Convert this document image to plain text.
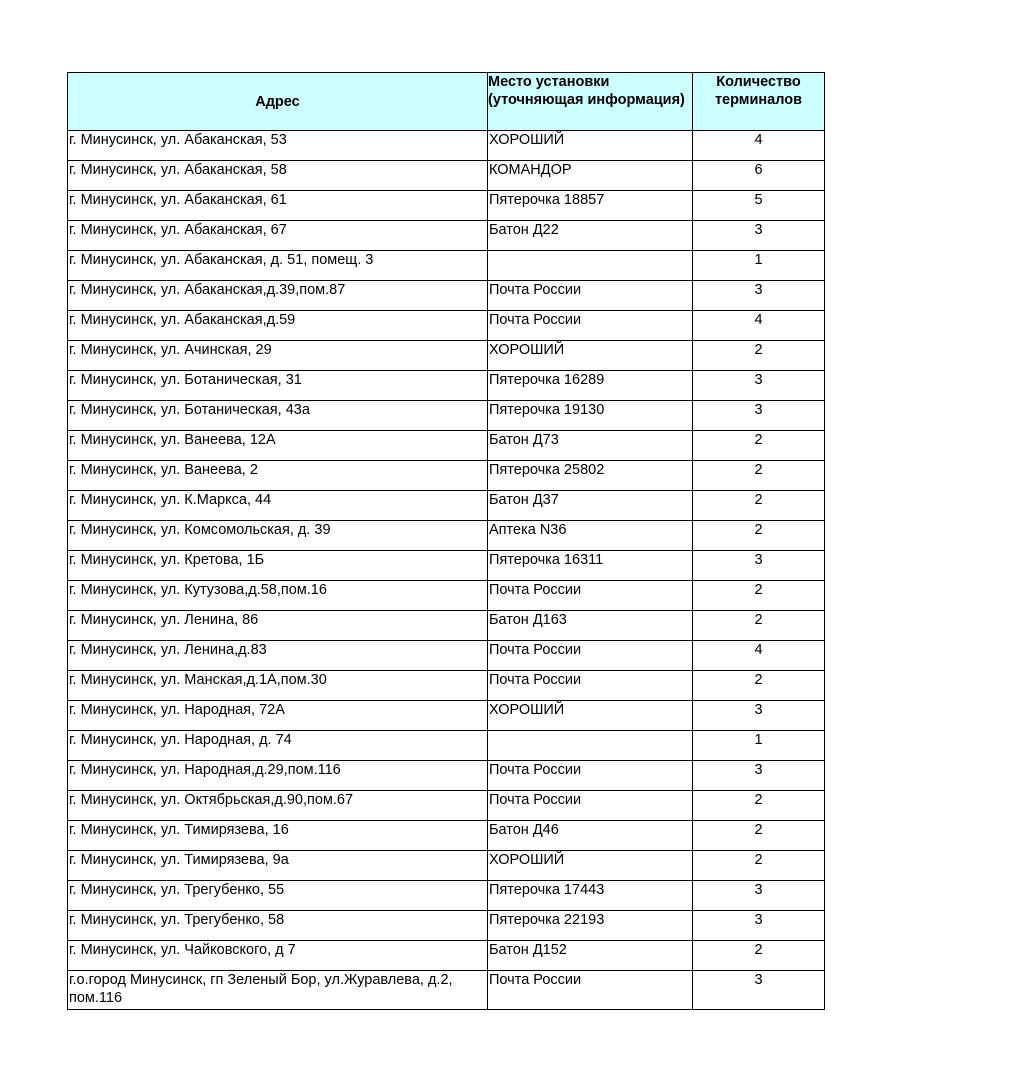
Адрес	Место установки (уточняющая информация)	Количество терминалов
г. Минусинск, ул. Абаканская, 53	ХОРОШИЙ	4
г. Минусинск, ул. Абаканская, 58	КОМАНДОР	6
г. Минусинск, ул. Абаканская, 61	Пятерочка 18857	5
г. Минусинск, ул. Абаканская, 67	Батон Д22	3
г. Минусинск, ул. Абаканская, д. 51, помещ. 3		1
г. Минусинск, ул. Абаканская,д.39,пом.87	Почта России	3
г. Минусинск, ул. Абаканская,д.59	Почта России	4
г. Минусинск, ул. Ачинская, 29	ХОРОШИЙ	2
г. Минусинск, ул. Ботаническая, 31	Пятерочка 16289	3
г. Минусинск, ул. Ботаническая, 43а	Пятерочка 19130	3
г. Минусинск, ул. Ванеева, 12А	Батон Д73	2
г. Минусинск, ул. Ванеева, 2	Пятерочка 25802	2
г. Минусинск, ул. К.Маркса, 44	Батон Д37	2
г. Минусинск, ул. Комсомольская, д. 39	Аптека N36	2
г. Минусинск, ул. Кретова, 1Б	Пятерочка 16311	3
г. Минусинск, ул. Кутузова,д.58,пом.16	Почта России	2
г. Минусинск, ул. Ленина, 86	Батон Д163	2
г. Минусинск, ул. Ленина,д.83	Почта России	4
г. Минусинск, ул. Манская,д.1А,пом.30	Почта России	2
г. Минусинск, ул. Народная, 72А	ХОРОШИЙ	3
г. Минусинск, ул. Народная, д. 74		1
г. Минусинск, ул. Народная,д.29,пом.116	Почта России	3
г. Минусинск, ул. Октябрьская,д.90,пом.67	Почта России	2
г. Минусинск, ул. Тимирязева, 16	Батон Д46	2
г. Минусинск, ул. Тимирязева, 9а	ХОРОШИЙ	2
г. Минусинск, ул. Трегубенко, 55	Пятерочка 17443	3
г. Минусинск, ул. Трегубенко, 58	Пятерочка 22193	3
г. Минусинск, ул. Чайковского, д 7	Батон Д152	2
г.о.город Минусинск, гп Зеленый Бор, ул.Журавлева, д.2, пом.116	Почта России	3
